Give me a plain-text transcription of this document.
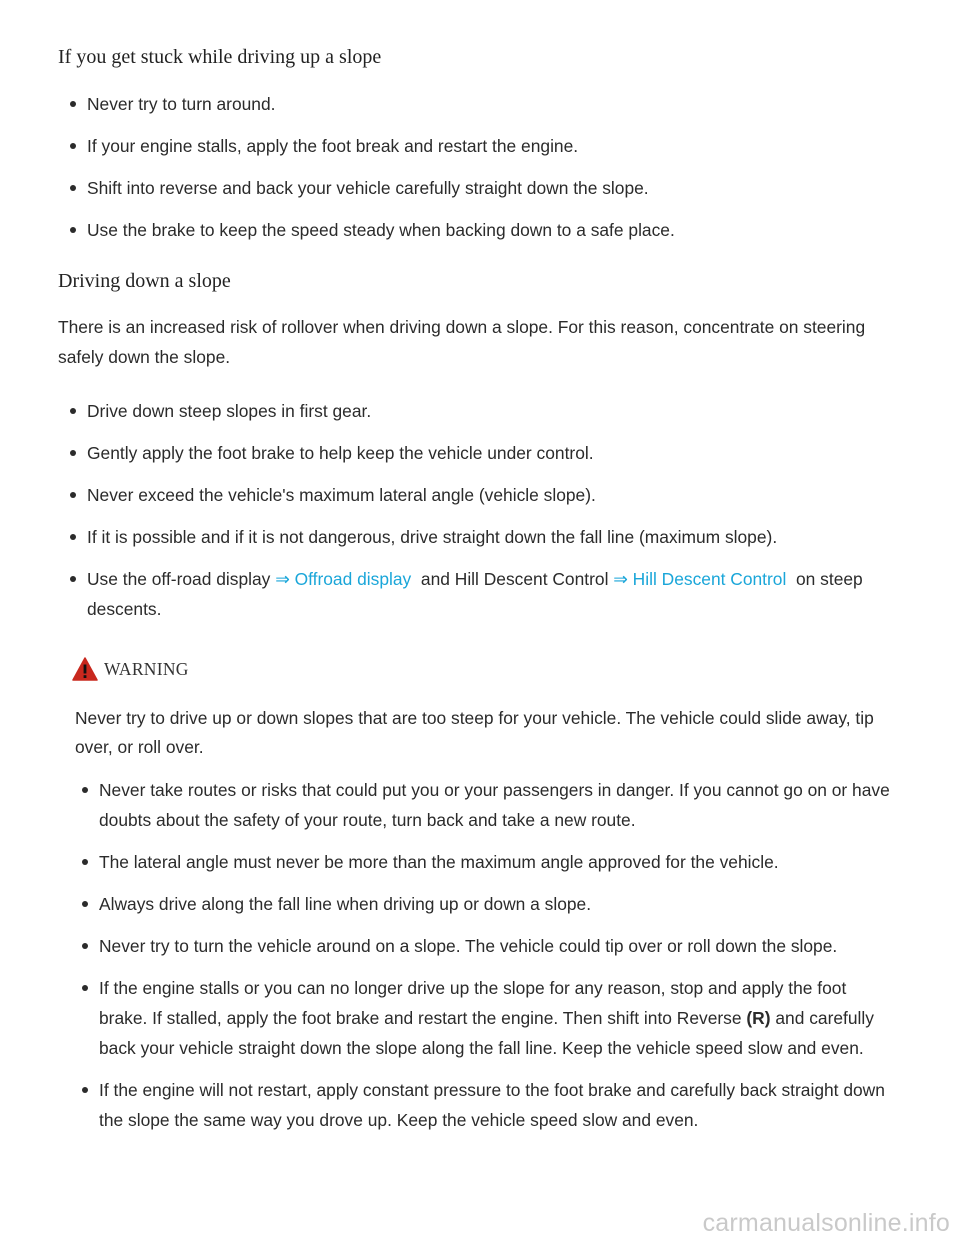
If you get stuck while driving up a slope
Never try to turn around.
If your engine stalls, apply the foot break and restart the engine.
Shift into reverse and back your vehicle carefully straight down the slope.
Use the brake to keep the speed steady when backing down to a safe place.
Driving down a slope
There is an increased risk of rollover when driving down a slope. For this reason, concentrate on steering safely down the slope.
Drive down steep slopes in first gear.
Gently apply the foot brake to help keep the vehicle under control.
Never exceed the vehicle's maximum lateral angle (vehicle slope).
If it is possible and if it is not dangerous, drive straight down the fall line (maximum slope).
Use the off-road display ⇒ Offroad display  and Hill Descent Control ⇒ Hill Descent Control  on steep descents.
WARNING
Never try to drive up or down slopes that are too steep for your vehicle. The vehicle could slide away, tip over, or roll over.
Never take routes or risks that could put you or your passengers in danger. If you cannot go on or have doubts about the safety of your route, turn back and take a new route.
The lateral angle must never be more than the maximum angle approved for the vehicle.
Always drive along the fall line when driving up or down a slope.
Never try to turn the vehicle around on a slope. The vehicle could tip over or roll down the slope.
If the engine stalls or you can no longer drive up the slope for any reason, stop and apply the foot brake. If stalled, apply the foot brake and restart the engine. Then shift into Reverse (R) and carefully back your vehicle straight down the slope along the fall line. Keep the vehicle speed slow and even.
If the engine will not restart, apply constant pressure to the foot brake and carefully back straight down the slope the same way you drove up. Keep the vehicle speed slow and even.
carmanualsonline.info
